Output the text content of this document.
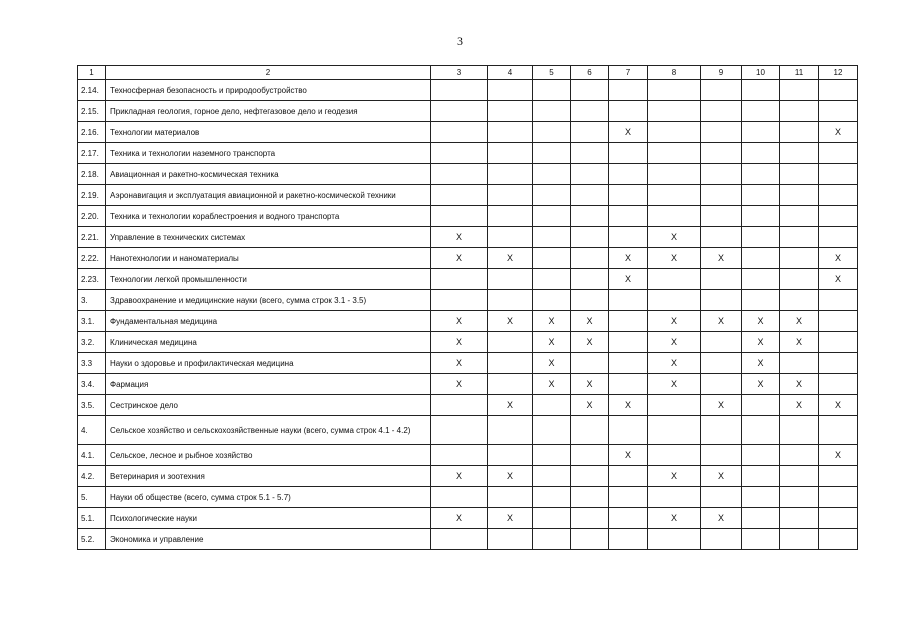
3
1	2	3	4	5	6	7	8	9	10	11	12
2.14.	Техносферная безопасность и природообустройство										
2.15.	Прикладная геология, горное дело, нефтегазовое дело и геодезия										
2.16.	Технологии материалов					X					X
2.17.	Техника и технологии наземного транспорта										
2.18.	Авиационная и ракетно-космическая техника										
2.19.	Аэронавигация и эксплуатация авиационной и ракетно-космической техники										
2.20.	Техника и технологии кораблестроения и водного транспорта										
2.21.	Управление в технических системах	X					X				
2.22.	Нанотехнологии и наноматериалы	X	X			X	X	X			X
2.23.	Технологии легкой промышленности					X					X
3.	Здравоохранение и медицинские науки (всего, сумма строк 3.1 - 3.5)										
3.1.	Фундаментальная медицина	X	X	X	X		X	X	X	X	
3.2.	Клиническая медицина	X		X	X		X		X	X	
3.3	Науки о здоровье и профилактическая медицина	X		X			X		X		
3.4.	Фармация	X		X	X		X		X	X	
3.5.	Сестринское дело		X		X	X		X		X	X
4.	Сельское хозяйство и сельскохозяйственные науки (всего, сумма строк 4.1 - 4.2)										
4.1.	Сельское, лесное и рыбное хозяйство					X					X
4.2.	Ветеринария и зоотехния	X	X				X	X			
5.	Науки об обществе (всего, сумма строк 5.1 - 5.7)										
5.1.	Психологические науки	X	X				X	X			
5.2.	Экономика и управление										
